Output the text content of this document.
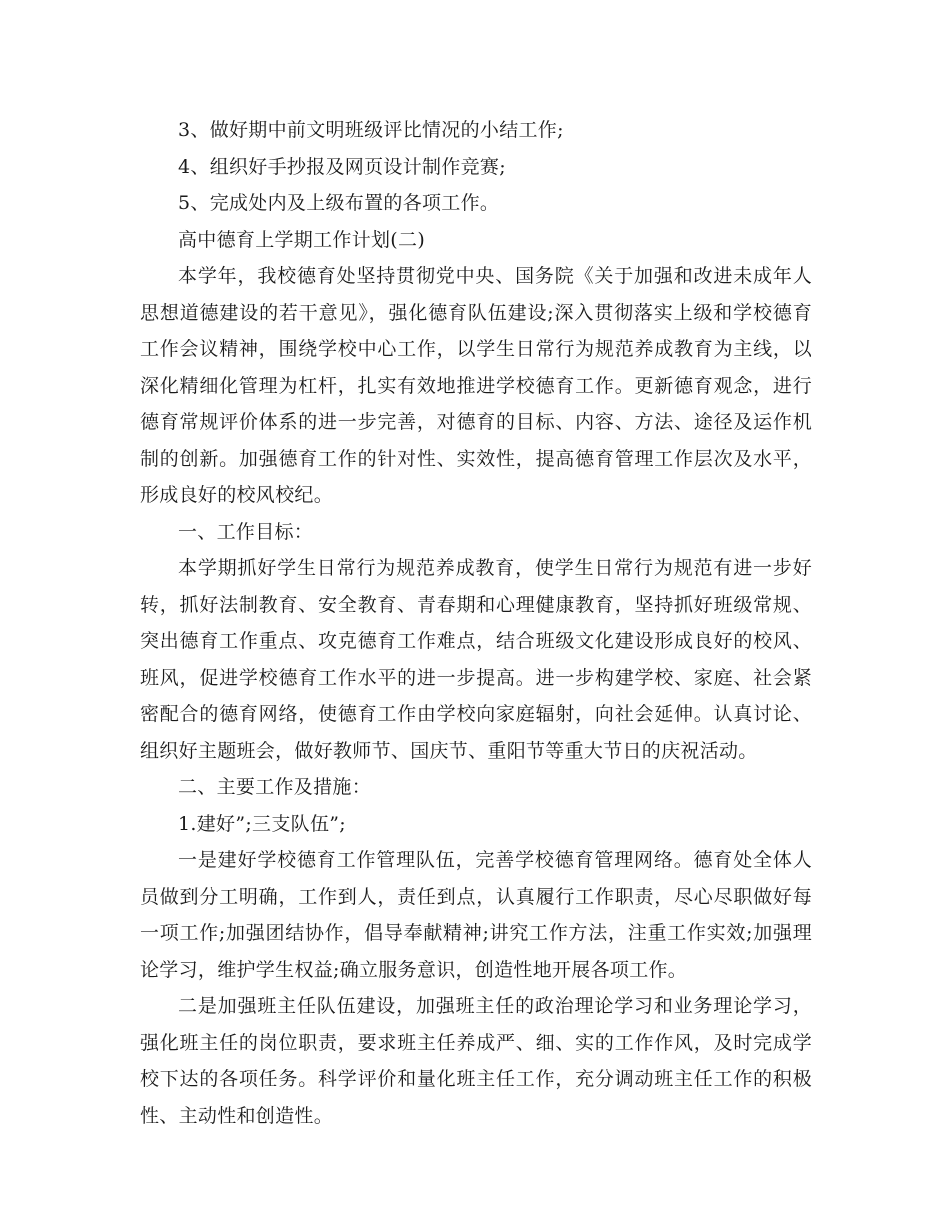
3、做好期中前文明班级评比情况的小结工作;

4、组织好手抄报及网页设计制作竞赛;

5、完成处内及上级布置的各项工作。

高中德育上学期工作计划(二)

本学年，我校德育处坚持贯彻党中央、国务院《关于加强和改进未成年人思想道德建设的若干意见》，强化德育队伍建设;深入贯彻落实上级和学校德育工作会议精神，围绕学校中心工作，以学生日常行为规范养成教育为主线，以深化精细化管理为杠杆，扎实有效地推进学校德育工作。更新德育观念，进行德育常规评价体系的进一步完善，对德育的目标、内容、方法、途径及运作机制的创新。加强德育工作的针对性、实效性，提高德育管理工作层次及水平，形成良好的校风校纪。

一、工作目标：

本学期抓好学生日常行为规范养成教育，使学生日常行为规范有进一步好转，抓好法制教育、安全教育、青春期和心理健康教育，坚持抓好班级常规、突出德育工作重点、攻克德育工作难点，结合班级文化建设形成良好的校风、班风，促进学校德育工作水平的进一步提高。进一步构建学校、家庭、社会紧密配合的德育网络，使德育工作由学校向家庭辐射，向社会延伸。认真讨论、组织好主题班会，做好教师节、国庆节、重阳节等重大节日的庆祝活动。

二、主要工作及措施：

1.建好”;三支队伍”;

一是建好学校德育工作管理队伍，完善学校德育管理网络。德育处全体人员做到分工明确，工作到人，责任到点，认真履行工作职责，尽心尽职做好每一项工作;加强团结协作，倡导奉献精神;讲究工作方法，注重工作实效;加强理论学习，维护学生权益;确立服务意识，创造性地开展各项工作。

二是加强班主任队伍建设，加强班主任的政治理论学习和业务理论学习，强化班主任的岗位职责，要求班主任养成严、细、实的工作作风，及时完成学校下达的各项任务。科学评价和量化班主任工作，充分调动班主任工作的积极性、主动性和创造性。
